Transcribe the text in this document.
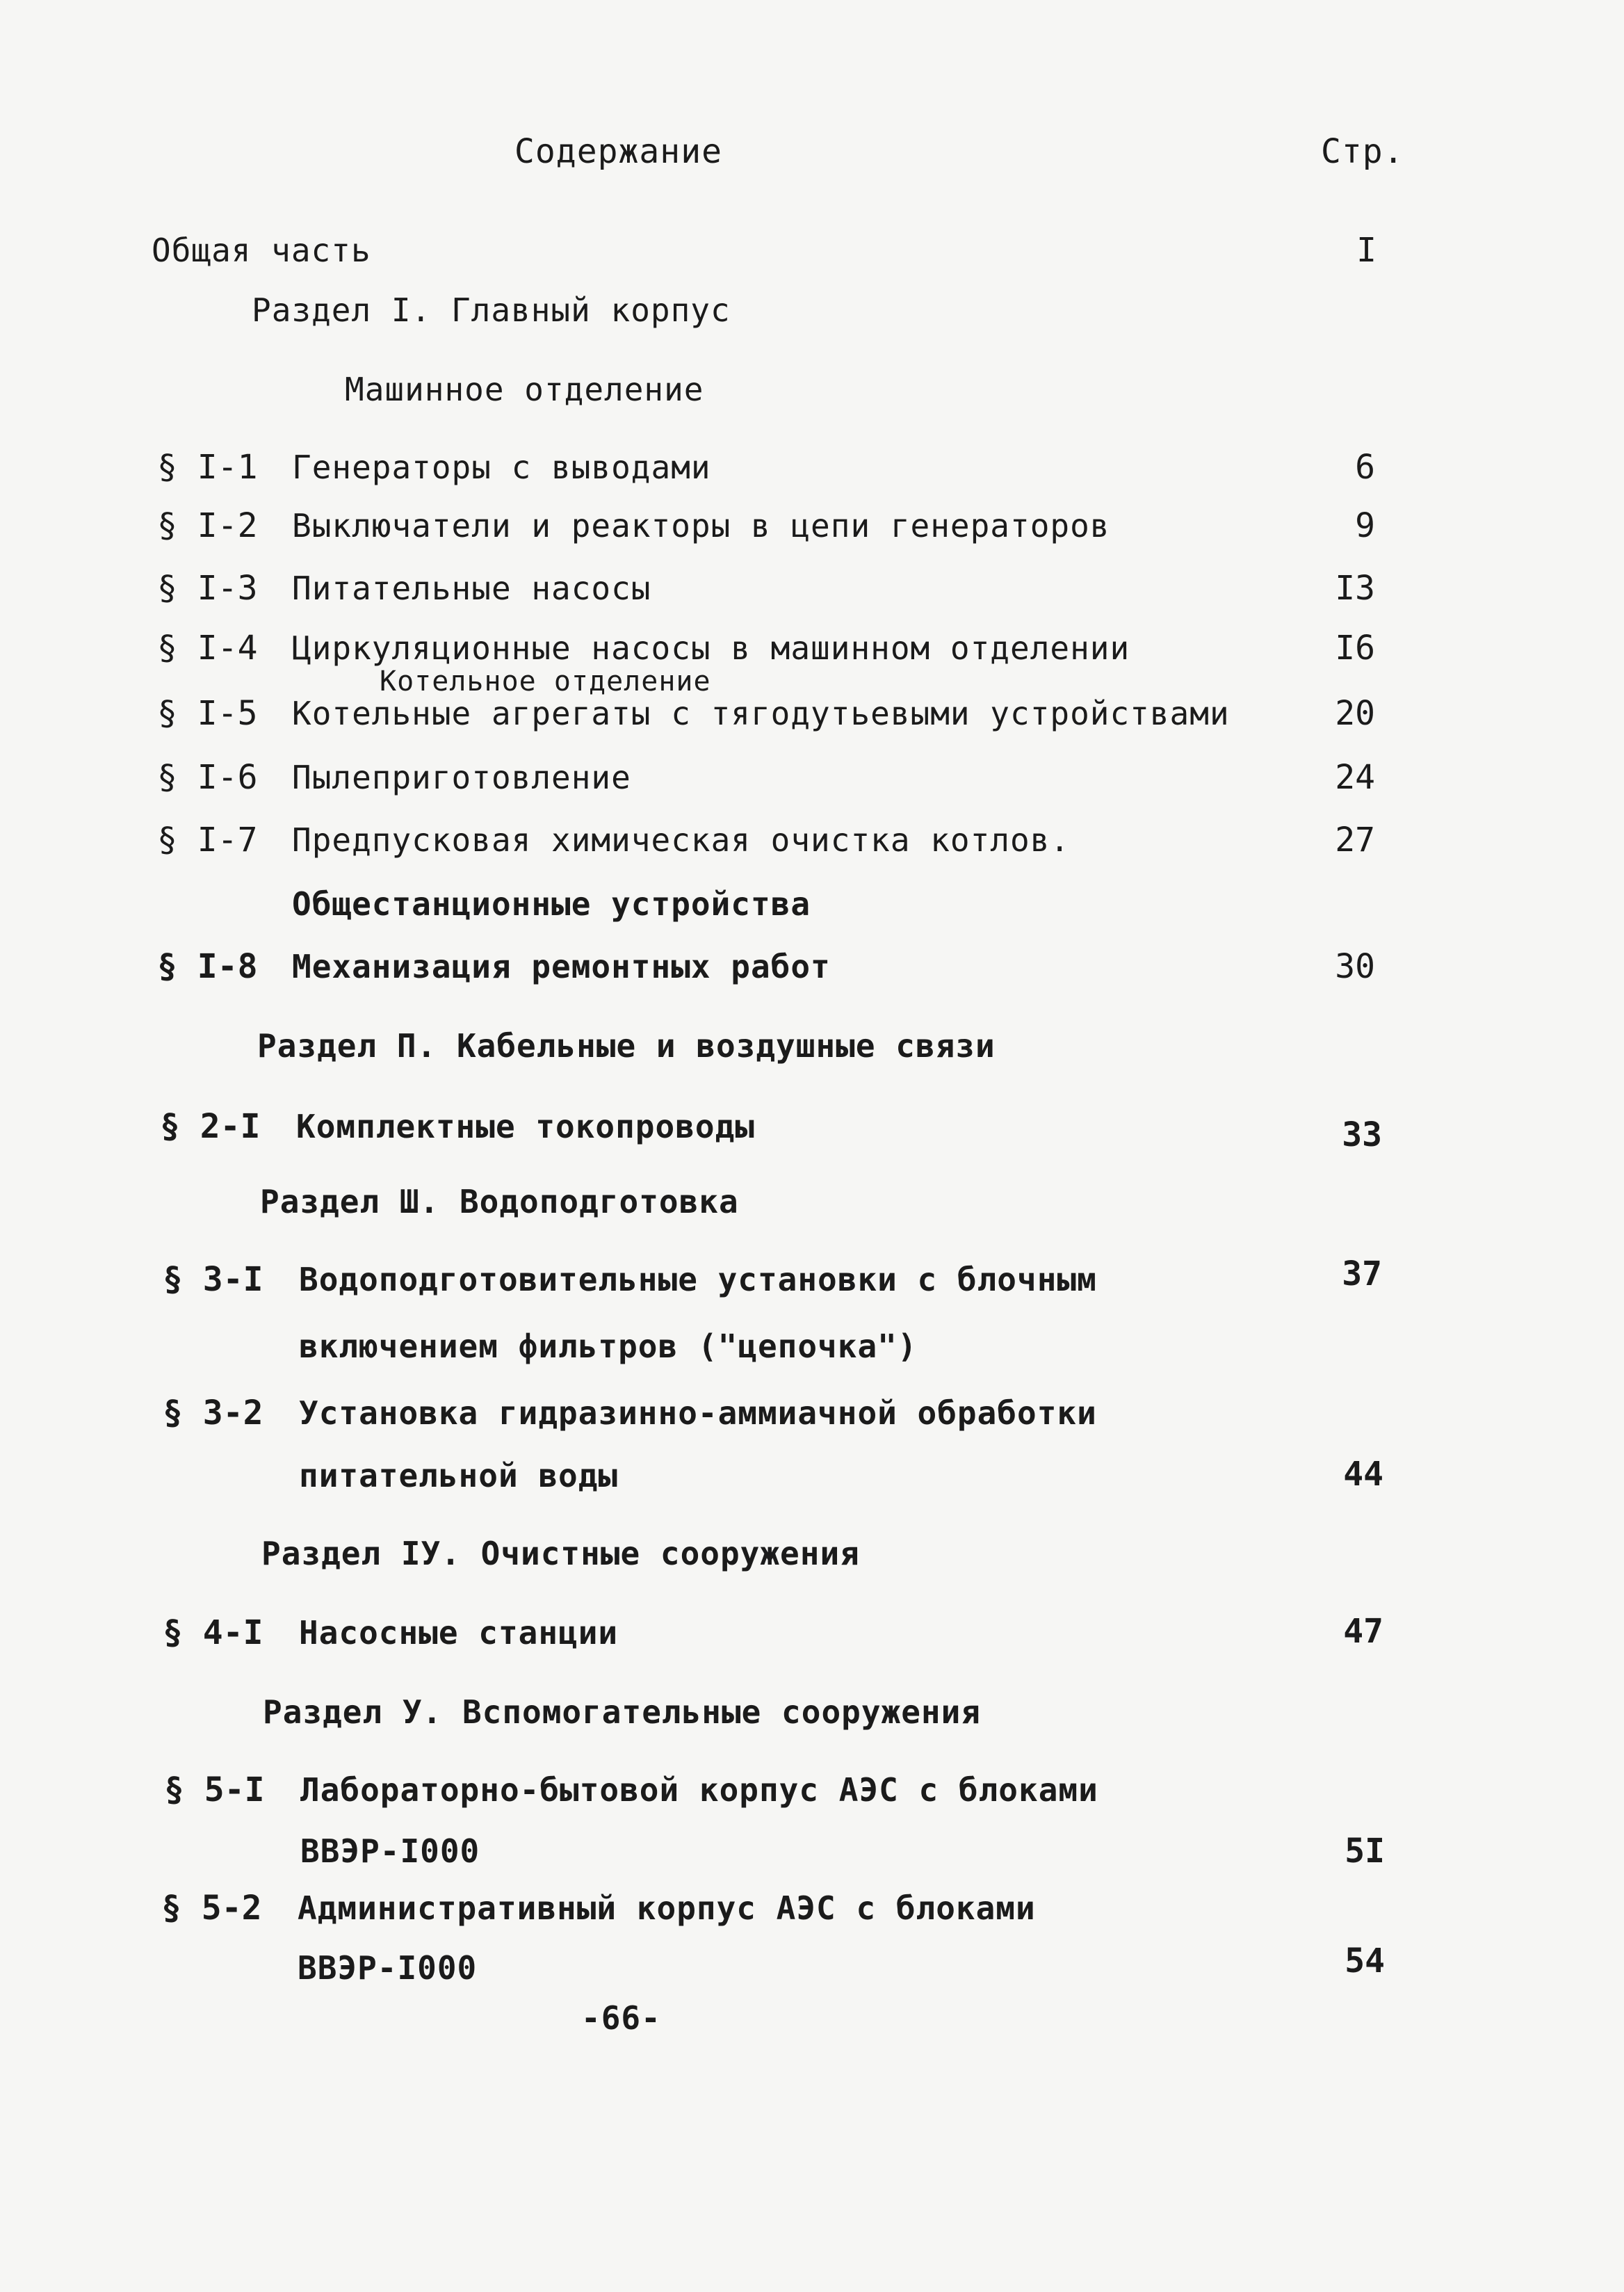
Содержание	Стр.
Общая часть	I
Раздел I. Главный корпус
Машинное отделение
§ I-1 Генераторы с выводами	6
§ I-2 Выключатели и реакторы в цепи генераторов	9
§ I-3 Питательные насосы	I3
§ I-4 Циркуляционные насосы в машинном отделении	I6
Котельное отделение
§ I-5 Котельные агрегаты с тягодутьевыми устройствами	20
§ I-6 Пылеприготовление	24
§ I-7 Предпусковая химическая очистка котлов.	27
Общестанционные устройства
§ I-8 Механизация ремонтных работ	30
Раздел П. Кабельные и воздушные связи
§ 2-I Комплектные токопроводы	33
Раздел Ш. Водоподготовка
§ 3-I Водоподготовительные установки с блочным	37
включением фильтров ("цепочка")
§ 3-2 Установка гидразинно-аммиачной обработки
питательной воды	44
Раздел IУ. Очистные сооружения
§ 4-I Насосные станции	47
Раздел У. Вспомогательные сооружения
§ 5-I Лабораторно-бытовой корпус АЭС с блоками
ВВЭР-I000	5I
§ 5-2 Административный корпус АЭС с блоками
ВВЭР-I000	54
-66-
